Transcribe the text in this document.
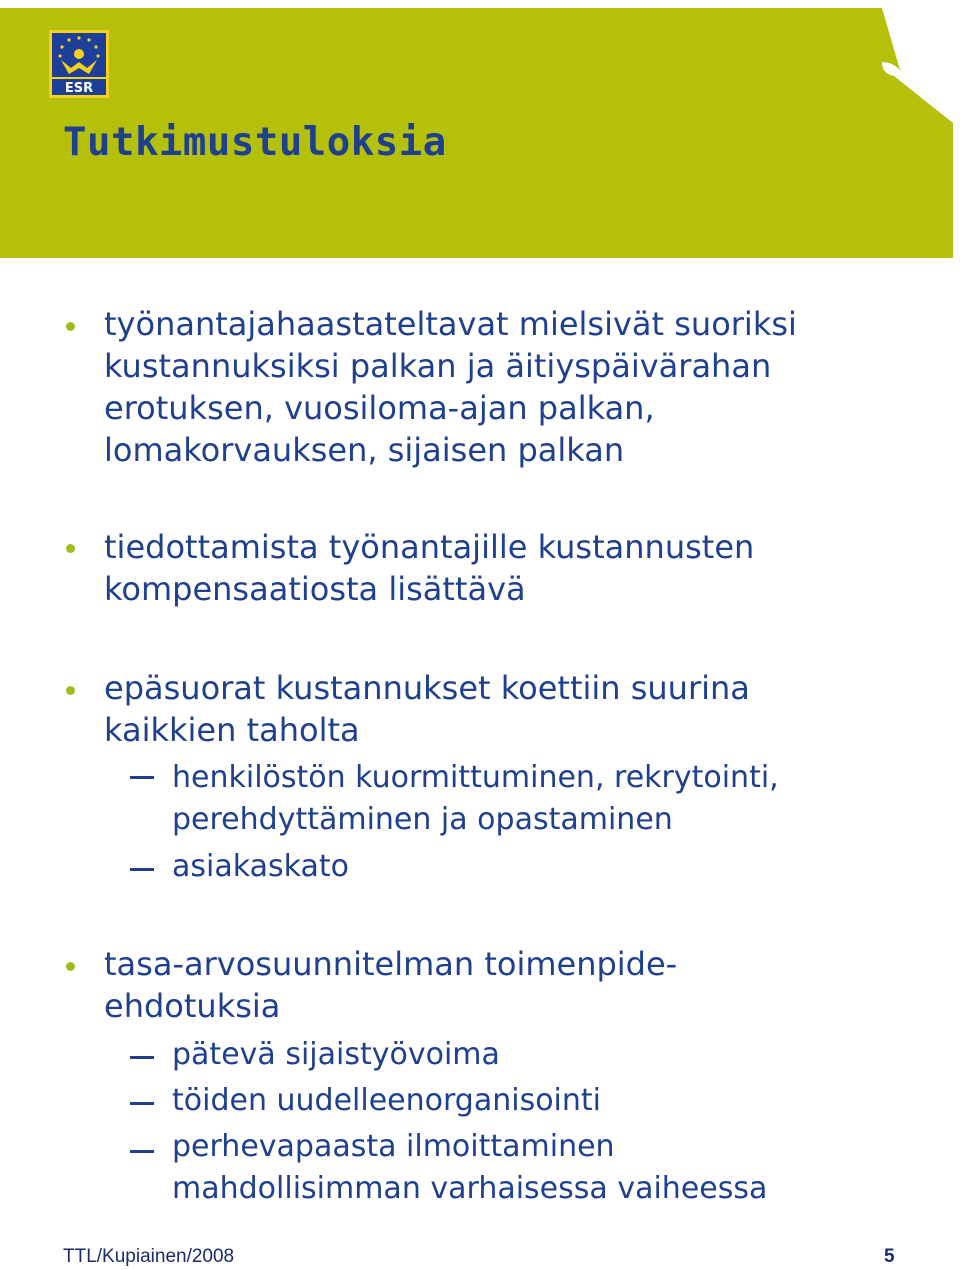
ESR
Tutkimustuloksia
työnantajahaastateltavat mielsivät suoriksi kustannuksiksi palkan ja äitiyspäivärahan erotuksen, vuosiloma-ajan palkan, lomakorvauksen, sijaisen palkan
tiedottamista työnantajille kustannusten kompensaatiosta lisättävä
epäsuorat kustannukset koettiin suurina kaikkien taholta
henkilöstön kuormittuminen, rekrytointi, perehdyttäminen ja opastaminen
asiakaskato
tasa-arvosuunnitelman toimenpide-ehdotuksia
pätevä sijaistyövoima
töiden uudelleenorganisointi
perhevapaasta ilmoittaminen mahdollisimman varhaisessa vaiheessa
TTL/Kupiainen/2008	5
